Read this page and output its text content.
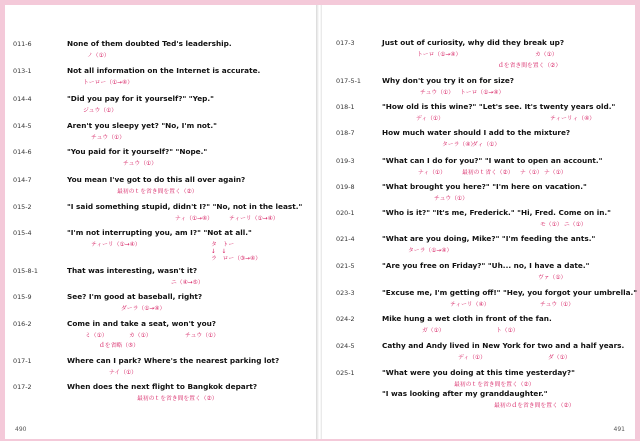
011-6	None of them doubted Ted's leadership.
ノ（①）
013-1	Not all information on the Internet is accurate.
トーロー（①→④）
014-4	"Did you pay for it yourself?" "Yep."
ジュウ（①）
014-5	Aren't you sleepy yet? "No, I'm not."
チュウ（①）
014-6	"You paid for it yourself?" "Nope."
チュウ（①）
014-7	You mean I've got to do this all over again?
最初のｔを省き間を置く（②）
015-2	"I said something stupid, didn't I?" "No, not in the least."
ナィ（①→④）	ティーリ（①→④）
015-4	"I'm not interrupting you, am I?" "Not at all."
ティーリ（①→④）	タ　トー
↓　↓
ラ　ロー（③→④）
015-8-1	That was interesting, wasn't it?
ニ（④→⑤）
015-9	See? I'm good at baseball, right?
ダーラ（①→④）
016-2	Come in and take a seat, won't you?
ミ（①）	カ（①）	チュウ（①）
ｄを省略（⑤）
017-1	Where can I park? Where's the nearest parking lot?
ナイ（①）
017-2	When does the next flight to Bangkok depart?
最初のｔを省き間を置く（②）
490
017-3	Just out of curiosity, why did they break up?
トーロ（①→④）	カ（①）
ｄを省き間を置く（②）
017-5-1	Why don't you try it on for size?
チュウ（①） トーロ（①→④）
018-1	"How old is this wine?" "Let's see. It's twenty years old."
ディ（①）	ティーリィ（④）
018-7	How much water should I add to the mixture?
ターラ（④）
ダィ（①）
019-3	"What can I do for you?" "I want to open an account."
ナィ（①）	最初のｔ省く（②） ナ（①） ナ（①）
019-8	"What brought you here?" "I'm here on vacation."
チュウ（①）
020-1	"Who is it?" "It's me, Frederick." "Hi, Fred. Come on in."
モ（①） ニ（①）
021-4	"What are you doing, Mike?" "I'm feeding the ants."
ターラ（①→④）
021-5	"Are you free on Friday?" "Uh... no, I have a date."
ヴァ（①）
023-3	"Excuse me, I'm getting off!" "Hey, you forgot your umbrella."
ティーリ（④）	チュウ（①）
024-2	Mike hung a wet cloth in front of the fan.
ガ（①）	ト（①）
024-5	Cathy and Andy lived in New York for two and a half years.
ディ（①）	ダ（①）
025-1	"What were you doing at this time yesterday?"
最初のｔを省き間を置く（②）
"I was looking after my granddaughter."
最初のｄを省き間を置く（②）
491
